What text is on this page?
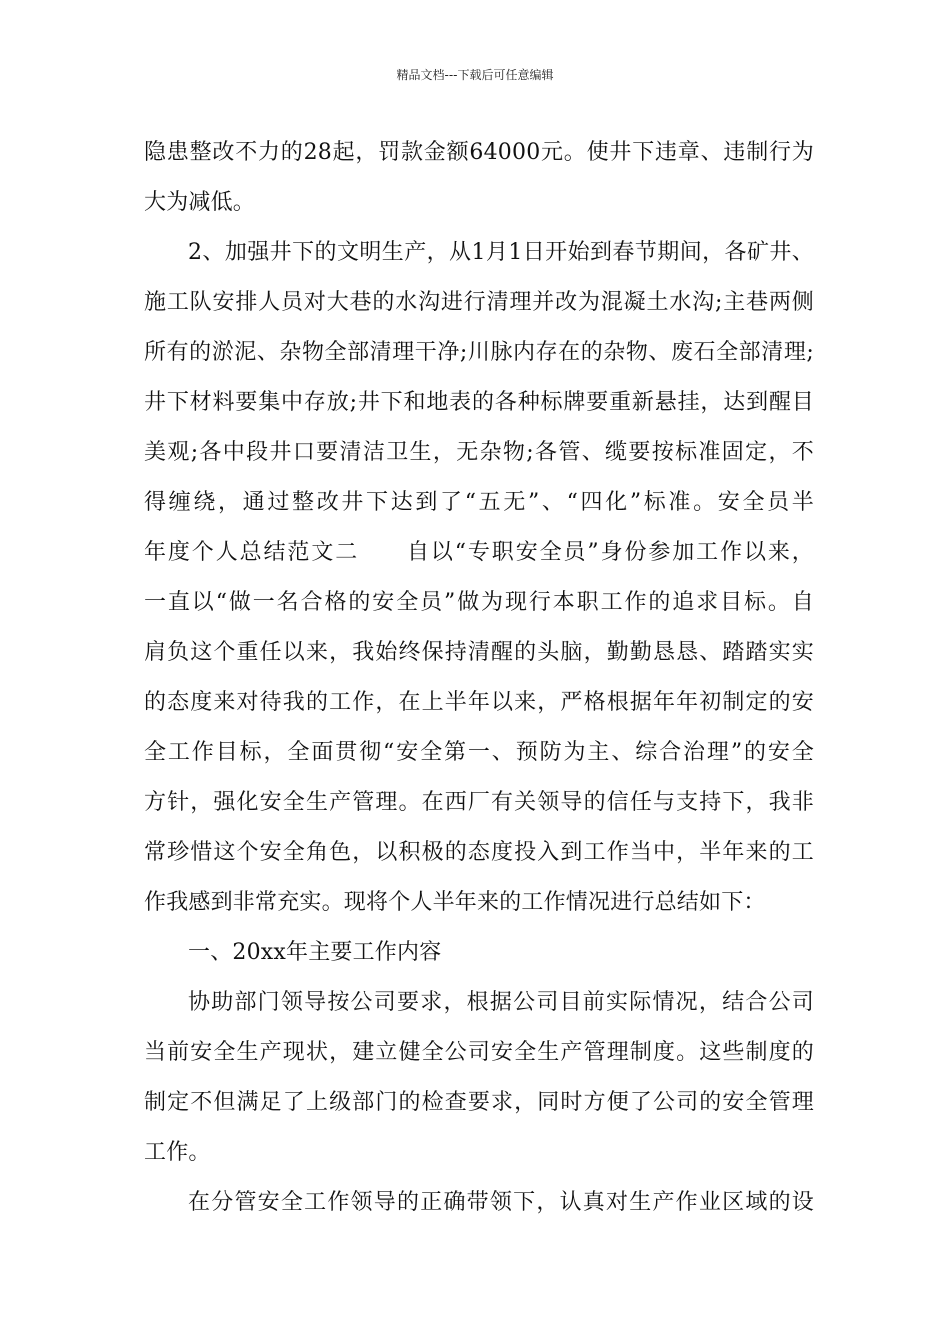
精品文档---下载后可任意编辑
隐患整改不力的28起，罚款金额64000元。使井下违章、违制行为
大为减低。
2、加强井下的文明生产，从1月1日开始到春节期间，各矿井、
施工队安排人员对大巷的水沟进行清理并改为混凝土水沟;主巷两侧
所有的淤泥、杂物全部清理干净;川脉内存在的杂物、废石全部清理;
井下材料要集中存放;井下和地表的各种标牌要重新悬挂，达到醒目
美观;各中段井口要清洁卫生，无杂物;各管、缆要按标准固定，不
得缠绕，通过整改井下达到了“五无”、“四化”标准。安全员半
年度个人总结范文二　　自以“专职安全员”身份参加工作以来，
一直以“做一名合格的安全员”做为现行本职工作的追求目标。自
肩负这个重任以来，我始终保持清醒的头脑，勤勤恳恳、踏踏实实
的态度来对待我的工作，在上半年以来，严格根据年年初制定的安
全工作目标，全面贯彻“安全第一、预防为主、综合治理”的安全
方针，强化安全生产管理。在西厂有关领导的信任与支持下，我非
常珍惜这个安全角色，以积极的态度投入到工作当中，半年来的工
作我感到非常充实。现将个人半年来的工作情况进行总结如下：
一、20xx年主要工作内容
协助部门领导按公司要求，根据公司目前实际情况，结合公司
当前安全生产现状，建立健全公司安全生产管理制度。这些制度的
制定不但满足了上级部门的检查要求，同时方便了公司的安全管理
工作。
在分管安全工作领导的正确带领下，认真对生产作业区域的设
